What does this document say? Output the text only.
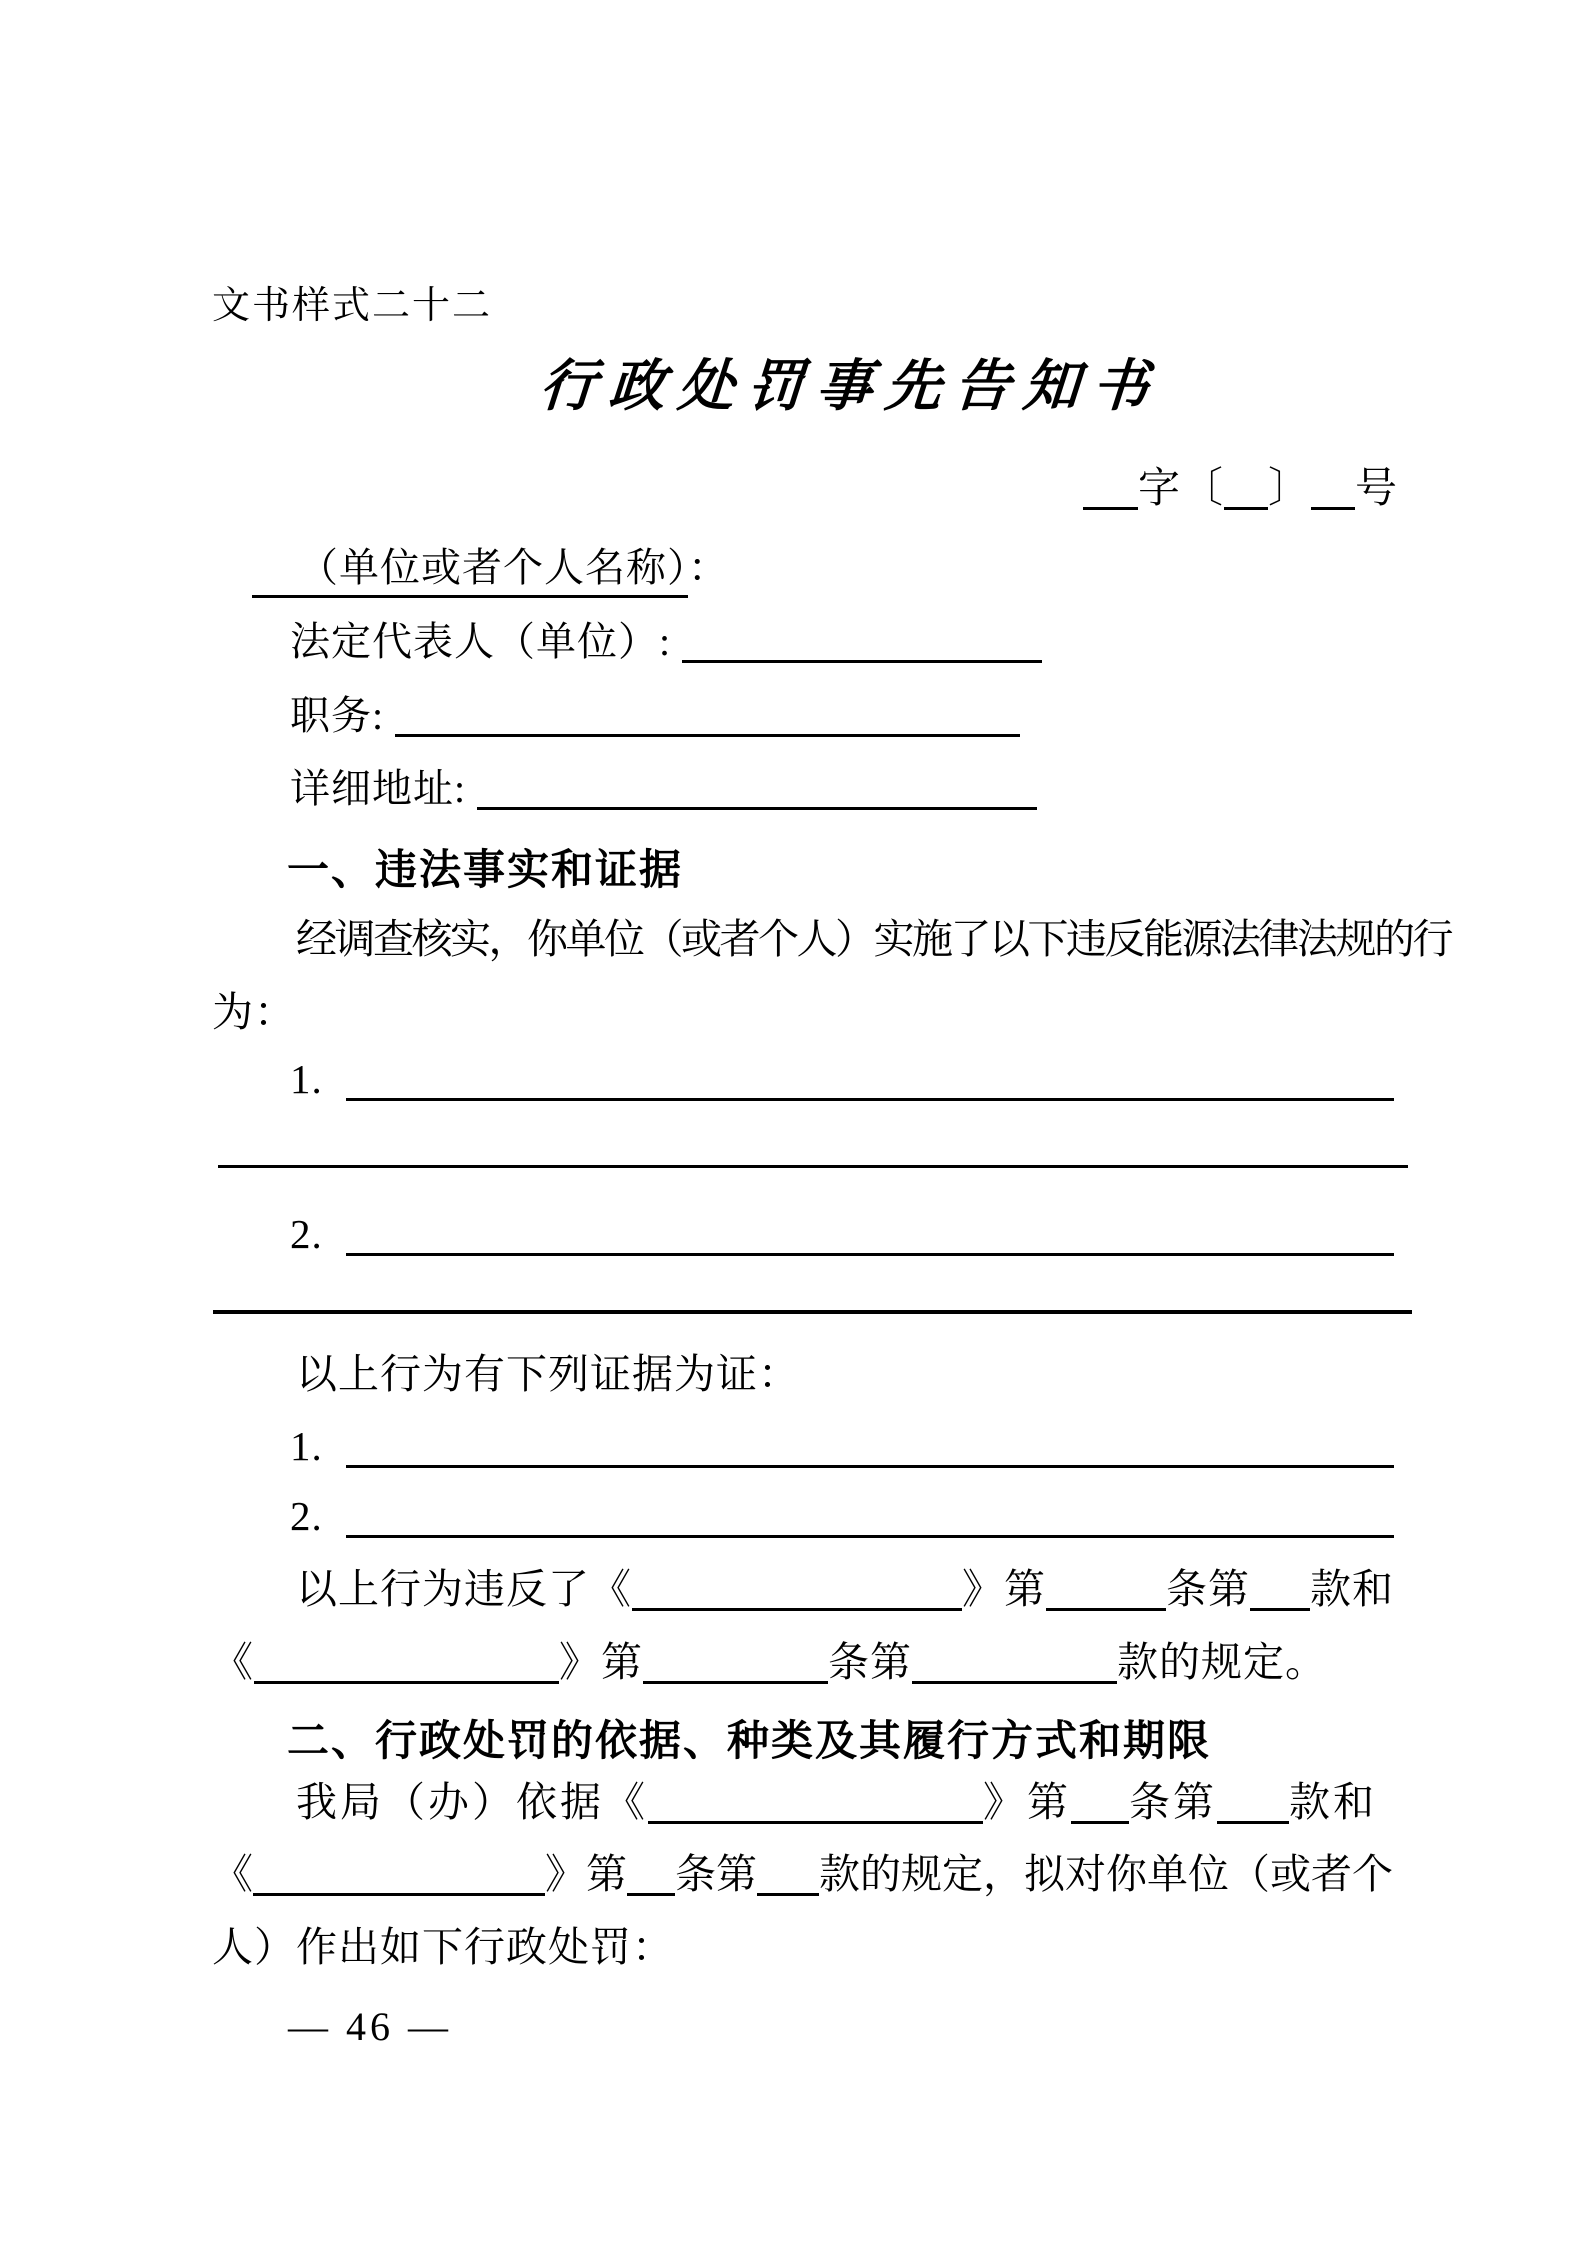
文书样式二十二
行政处罚事先告知书
字〔 〕 号
（单位或者个人名称）：
法定代表人（单位）:
职务:
详细地址:
一、违法事实和证据
经调查核实，你单位（或者个人）实施了以下违反能源法律法规的行
为：
1.
2.
以上行为有下列证据为证：
1.
2.
以上行为违反了《	》第	条第 款和
《	》第	条第	款的规定。
二、行政处罚的依据、种类及其履行方式和期限
我局（办）依据《	》第 条第 款和
《	》第 条第 款的规定，拟对你单位（或者个
人）作出如下行政处罚：
— 46 —
